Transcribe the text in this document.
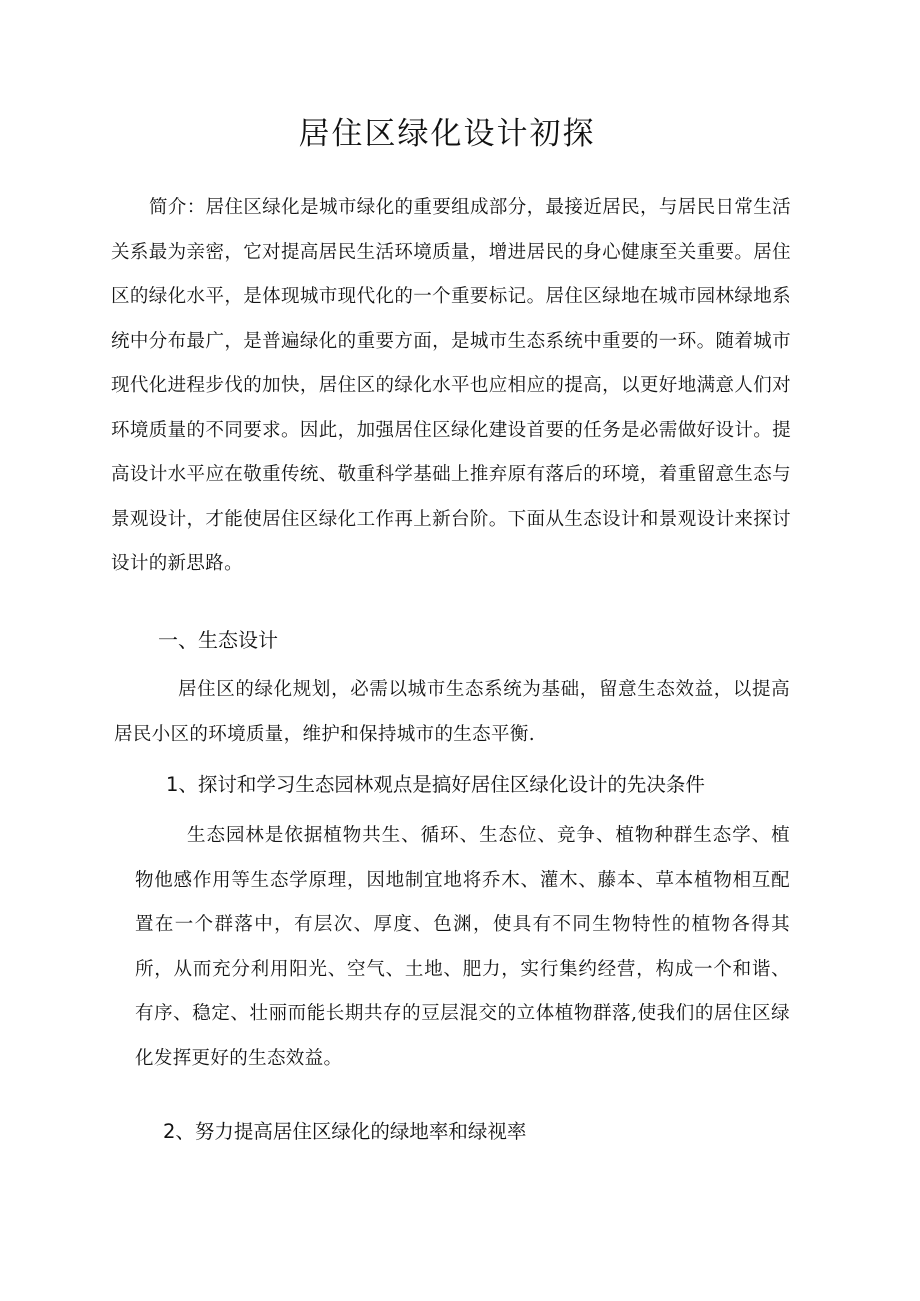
居住区绿化设计初探

简介：居住区绿化是城市绿化的重要组成部分，最接近居民，与居民日常生活关系最为亲密，它对提高居民生活环境质量，增进居民的身心健康至关重要。居住区的绿化水平，是体现城市现代化的一个重要标记。居住区绿地在城市园林绿地系统中分布最广，是普遍绿化的重要方面，是城市生态系统中重要的一环。随着城市现代化进程步伐的加快，居住区的绿化水平也应相应的提高，以更好地满意人们对环境质量的不同要求。因此，加强居住区绿化建设首要的任务是必需做好设计。提高设计水平应在敬重传统、敬重科学基础上推弃原有落后的环境，着重留意生态与景观设计，才能使居住区绿化工作再上新台阶。下面从生态设计和景观设计来探讨设计的新思路。

一、生态设计

居住区的绿化规划，必需以城市生态系统为基础，留意生态效益，以提高居民小区的环境质量，维护和保持城市的生态平衡.

1、探讨和学习生态园林观点是搞好居住区绿化设计的先决条件

生态园林是依据植物共生、循环、生态位、竞争、植物种群生态学、植物他感作用等生态学原理，因地制宜地将乔木、灌木、藤本、草本植物相互配置在一个群落中，有层次、厚度、色渊，使具有不同生物特性的植物各得其所，从而充分利用阳光、空气、土地、肥力，实行集约经营，构成一个和谐、有序、稳定、壮丽而能长期共存的豆层混交的立体植物群落,使我们的居住区绿化发挥更好的生态效益。

2、努力提高居住区绿化的绿地率和绿视率
